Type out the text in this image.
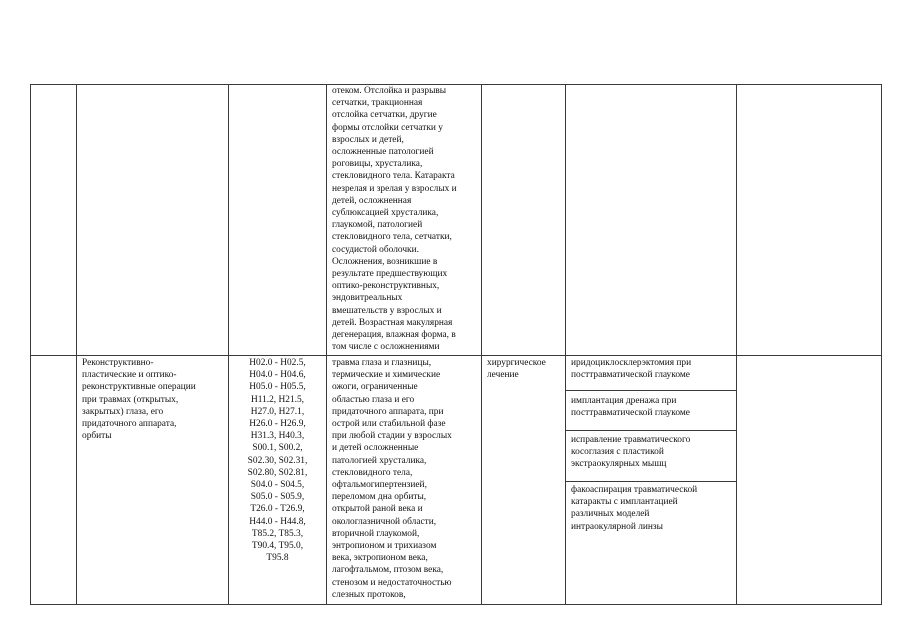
отеком. Отслойка и разрывы
сетчатки, тракционная
отслойка сетчатки, другие
формы отслойки сетчатки у
взрослых и детей,
осложненные патологией
роговицы, хрусталика,
стекловидного тела. Катаракта
незрелая и зрелая у взрослых и
детей, осложненная
сублюксацией хрусталика,
глаукомой, патологией
стекловидного тела, сетчатки,
сосудистой оболочки.
Осложнения, возникшие в
результате предшествующих
оптико-реконструктивных,
эндовитреальных
вмешательств у взрослых и
детей. Возрастная макулярная
дегенерация, влажная форма, в
том числе с осложнениями
Реконструктивно-
пластические и оптико-
реконструктивные операции
при травмах (открытых,
закрытых) глаза, его
придаточного аппарата,
орбиты
H02.0 - H02.5,
H04.0 - H04.6,
H05.0 - H05.5,
H11.2, H21.5,
H27.0, H27.1,
H26.0 - H26.9,
H31.3, H40.3,
S00.1, S00.2,
S02.30, S02.31,
S02.80, S02.81,
S04.0 - S04.5,
S05.0 - S05.9,
T26.0 - T26.9,
H44.0 - H44.8,
T85.2, T85.3,
T90.4, T95.0,
T95.8
травма глаза и глазницы,
термические и химические
ожоги, ограниченные
областью глаза и его
придаточного аппарата, при
острой или стабильной фазе
при любой стадии у взрослых
и детей осложненные
патологией хрусталика,
стекловидного тела,
офтальмогипертензией,
переломом дна орбиты,
открытой раной века и
окологлазничной области,
вторичной глаукомой,
энтропионом и трихиазом
века, эктропионом века,
лагофтальмом, птозом века,
стенозом и недостаточностью
слезных протоков,
хирургическое
лечение
иридоциклосклерэктомия при
посттравматической глаукоме
имплантация дренажа при
посттравматической глаукоме
исправление травматического
косоглазия с пластикой
экстраокулярных мышц
факоаспирация травматической
катаракты с имплантацией
различных моделей
интраокулярной линзы
